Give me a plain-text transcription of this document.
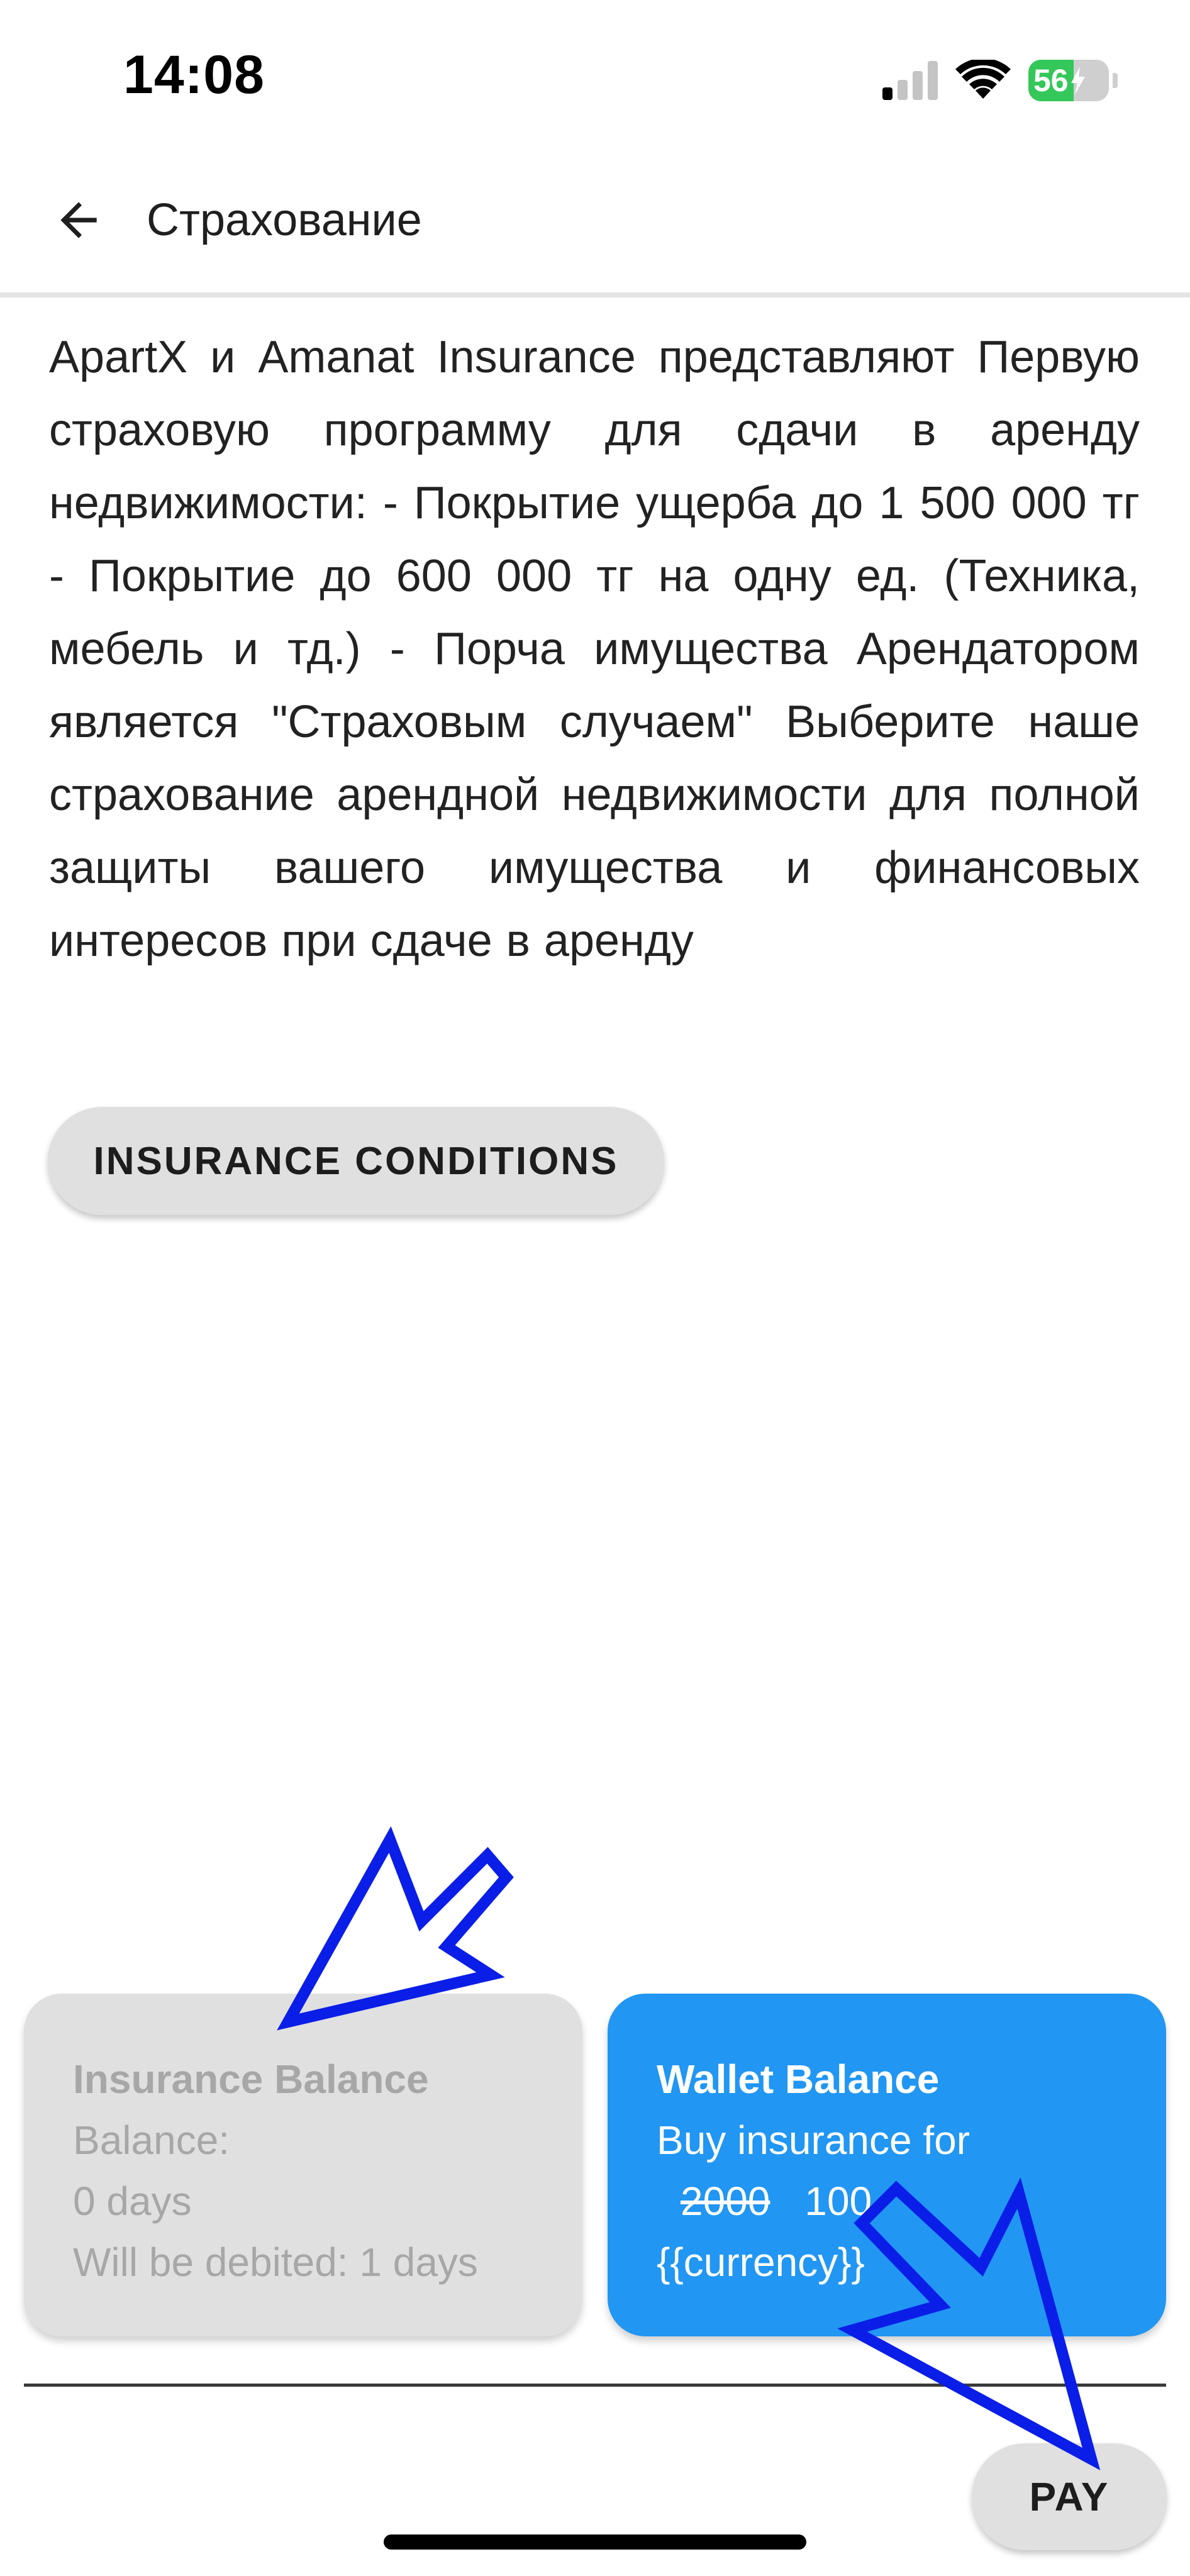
14:08	56
Страхование
ApartX и Amanat Insurance представляют Первую страховую программу для сдачи в аренду недвижимости: - Покрытие ущерба до 1 500 000 тг - Покрытие до 600 000 тг на одну ед. (Техника, мебель и тд.) - Порча имущества Арендатором является "Страховым случаем" Выберите наше страхование арендной недвижимости для полной защиты вашего имущества и финансовых интересов при сдаче в аренду
INSURANCE CONDITIONS
Insurance Balance
Balance:
0 days
Will be debited: 1 days
Wallet Balance
Buy insurance for
2000 100
{{currency}}
PAY
